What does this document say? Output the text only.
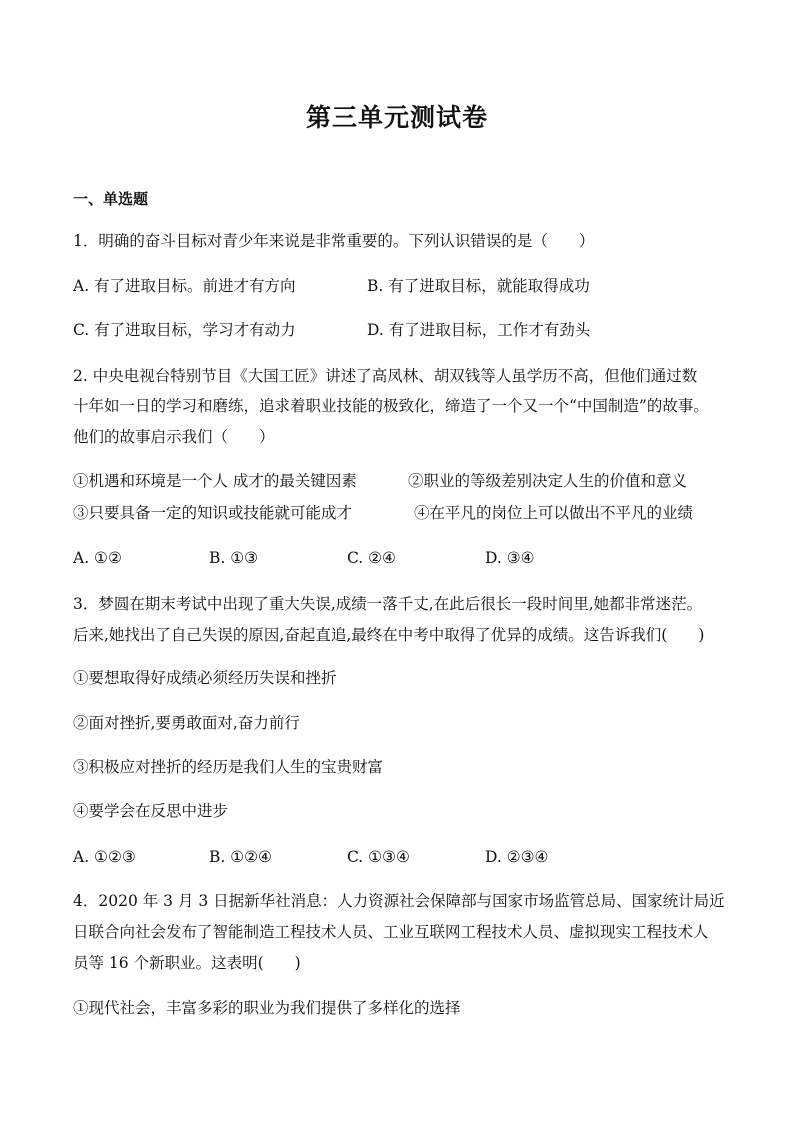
第三单元测试卷
一、单选题
1．明确的奋斗目标对青少年来说是非常重要的。下列认识错误的是（　　）
A. 有了进取目标。前进才有方向	B. 有了进取目标，就能取得成功
C. 有了进取目标，学习才有动力	D. 有了进取目标，工作才有劲头
2. 中央电视台特别节目《大国工匠》讲述了高凤林、胡双钱等人虽学历不高，但他们通过数
十年如一日的学习和磨练，追求着职业技能的极致化，缔造了一个又一个“中国制造”的故事。
他们的故事启示我们（　　）
①机遇和环境是一个人 成才的最关键因素	②职业的等级差别决定人生的价值和意义
③只要具备一定的知识或技能就可能成才	④在平凡的岗位上可以做出不平凡的业绩
A. ①②	B. ①③	C. ②④	D. ③④
3．梦圆在期末考试中出现了重大失误,成绩一落千丈,在此后很长一段时间里,她都非常迷茫。
后来,她找出了自己失误的原因,奋起直追,最终在中考中取得了优异的成绩。这告诉我们(　　)
①要想取得好成绩必须经历失误和挫折
②面对挫折,要勇敢面对,奋力前行
③积极应对挫折的经历是我们人生的宝贵财富
④要学会在反思中进步
A. ①②③	B. ①②④	C. ①③④	D. ②③④
4．2020 年 3 月 3 日据新华社消息：人力资源社会保障部与国家市场监管总局、国家统计局近
日联合向社会发布了智能制造工程技术人员、工业互联网工程技术人员、虚拟现实工程技术人
员等 16 个新职业。这表明(　　)
①现代社会，丰富多彩的职业为我们提供了多样化的选择
